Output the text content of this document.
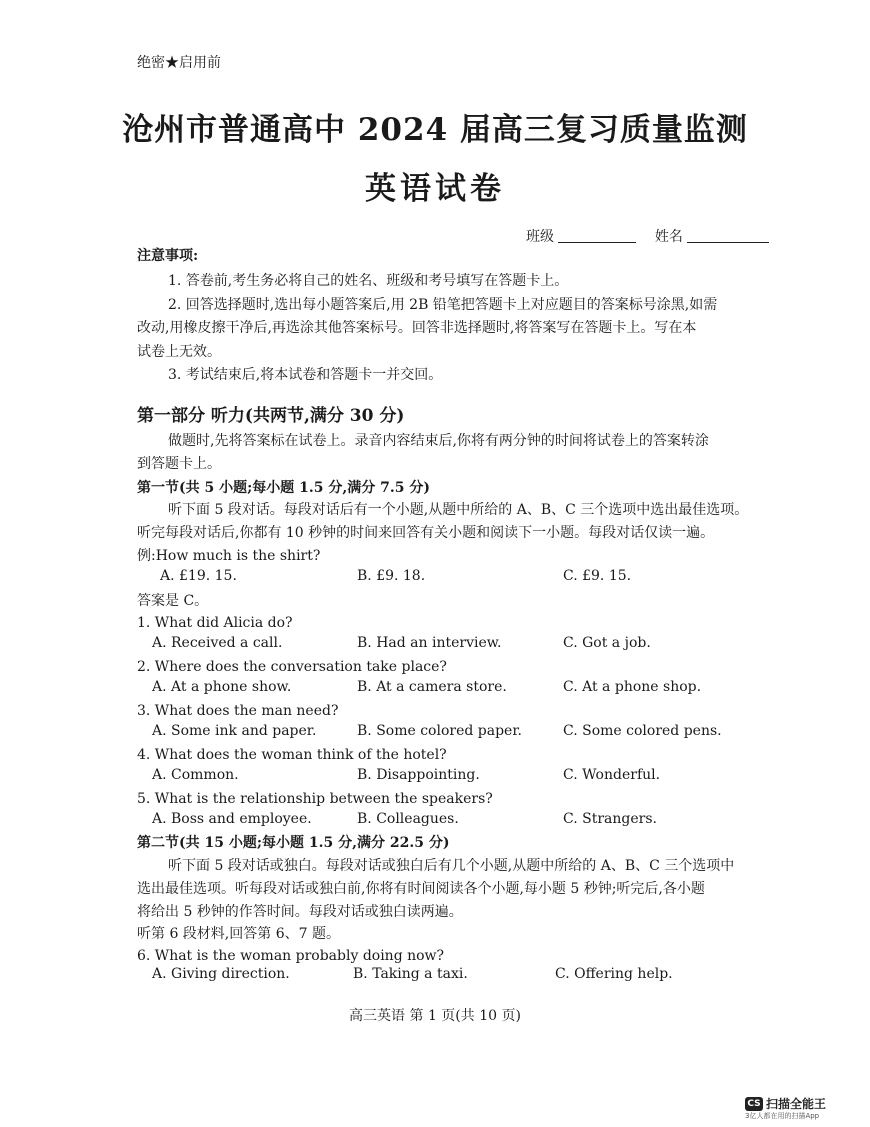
绝密★启用前
沧州市普通高中 2024 届高三复习质量监测
英语试卷
班级	姓名
注意事项:
1. 答卷前,考生务必将自己的姓名、班级和考号填写在答题卡上。
2. 回答选择题时,选出每小题答案后,用 2B 铅笔把答题卡上对应题目的答案标号涂黑,如需
改动,用橡皮擦干净后,再选涂其他答案标号。回答非选择题时,将答案写在答题卡上。写在本
试卷上无效。
3. 考试结束后,将本试卷和答题卡一并交回。
第一部分 听力(共两节,满分 30 分)
做题时,先将答案标在试卷上。录音内容结束后,你将有两分钟的时间将试卷上的答案转涂
到答题卡上。
第一节(共 5 小题;每小题 1.5 分,满分 7.5 分)
听下面 5 段对话。每段对话后有一个小题,从题中所给的 A、B、C 三个选项中选出最佳选项。
听完每段对话后,你都有 10 秒钟的时间来回答有关小题和阅读下一小题。每段对话仅读一遍。
例:How much is the shirt?
A. £19. 15.	B. £9. 18.	C. £9. 15.
答案是 C。
1. What did Alicia do?
A. Received a call.	B. Had an interview.	C. Got a job.
2. Where does the conversation take place?
A. At a phone show.	B. At a camera store.	C. At a phone shop.
3. What does the man need?
A. Some ink and paper.	B. Some colored paper.	C. Some colored pens.
4. What does the woman think of the hotel?
A. Common.	B. Disappointing.	C. Wonderful.
5. What is the relationship between the speakers?
A. Boss and employee.	B. Colleagues.	C. Strangers.
第二节(共 15 小题;每小题 1.5 分,满分 22.5 分)
听下面 5 段对话或独白。每段对话或独白后有几个小题,从题中所给的 A、B、C 三个选项中
选出最佳选项。听每段对话或独白前,你将有时间阅读各个小题,每小题 5 秒钟;听完后,各小题
将给出 5 秒钟的作答时间。每段对话或独白读两遍。
听第 6 段材料,回答第 6、7 题。
6. What is the woman probably doing now?
A. Giving direction.	B. Taking a taxi.	C. Offering help.
高三英语 第 1 页(共 10 页)
CS 扫描全能王
3亿人都在用的扫描App
